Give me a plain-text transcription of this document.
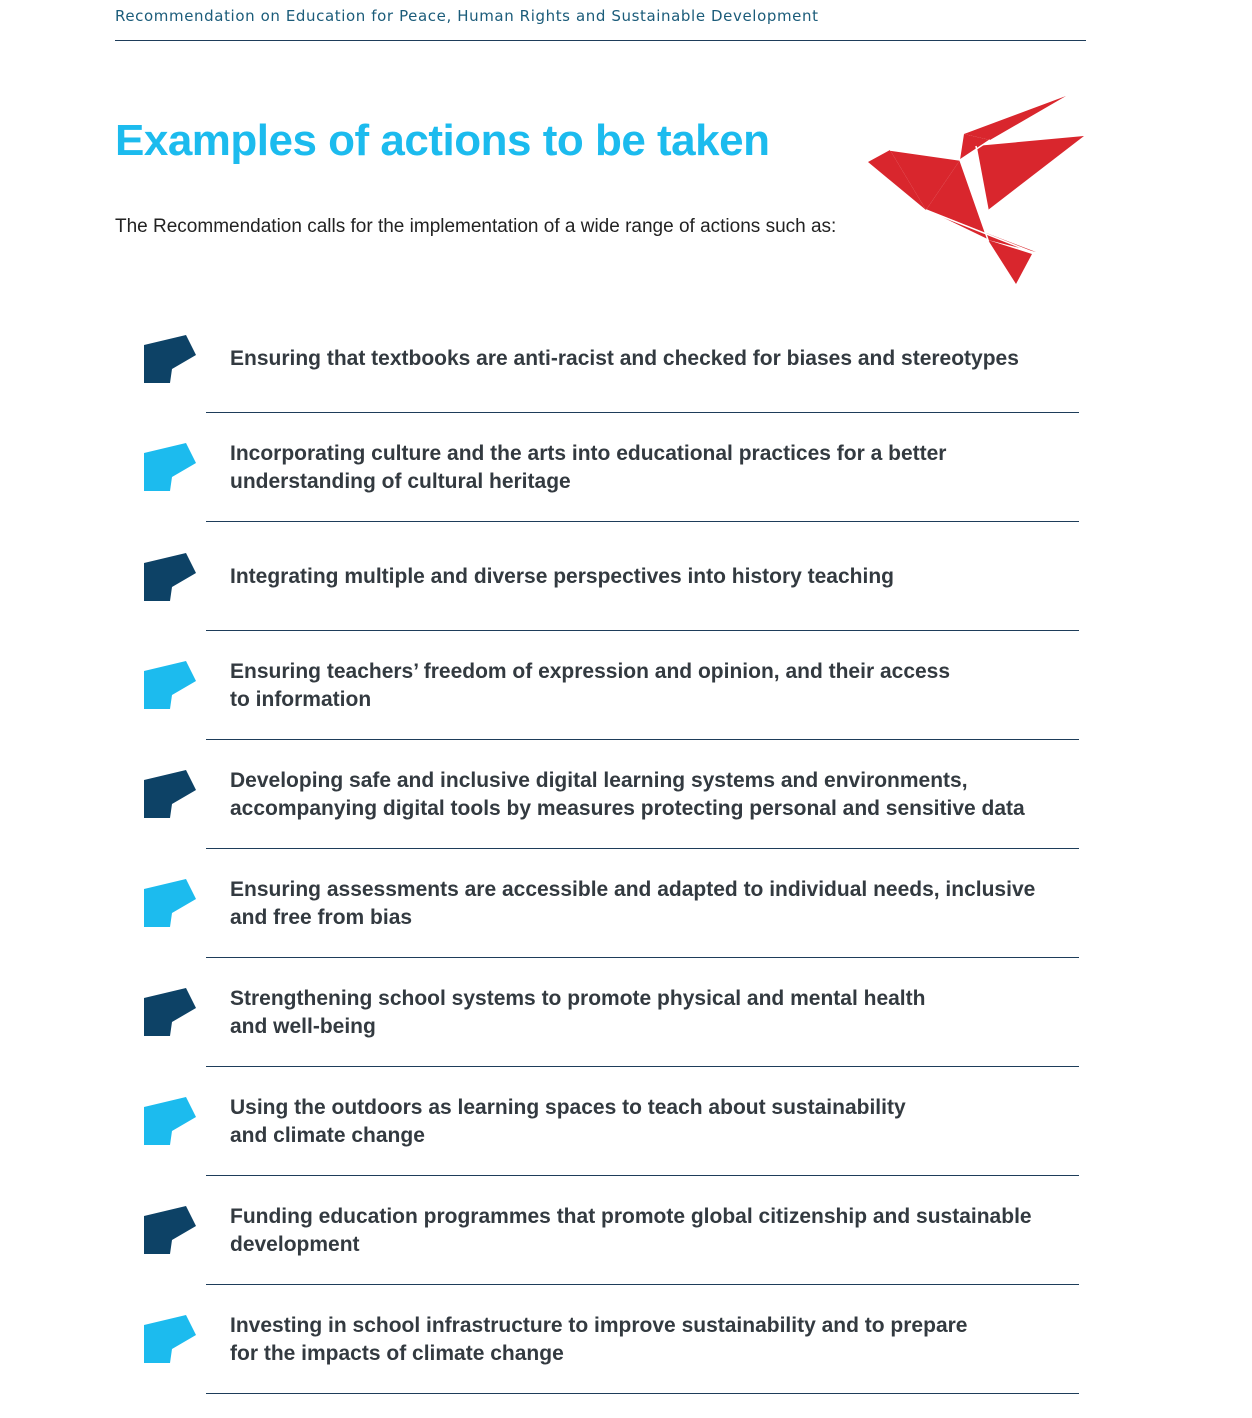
Recommendation on Education for Peace, Human Rights and Sustainable Development
Examples of actions to be taken
The Recommendation calls for the implementation of a wide range of actions such as:
Ensuring that textbooks are anti-racist and checked for biases and stereotypes
Incorporating culture and the arts into educational practices for a better
understanding of cultural heritage
Integrating multiple and diverse perspectives into history teaching
Ensuring teachers’ freedom of expression and opinion, and their access
to information
Developing safe and inclusive digital learning systems and environments,
accompanying digital tools by measures protecting personal and sensitive data
Ensuring assessments are accessible and adapted to individual needs, inclusive
and free from bias
Strengthening school systems to promote physical and mental health
and well-being
Using the outdoors as learning spaces to teach about sustainability
and climate change
Funding education programmes that promote global citizenship and sustainable
development
Investing in school infrastructure to improve sustainability and to prepare
for the impacts of climate change
